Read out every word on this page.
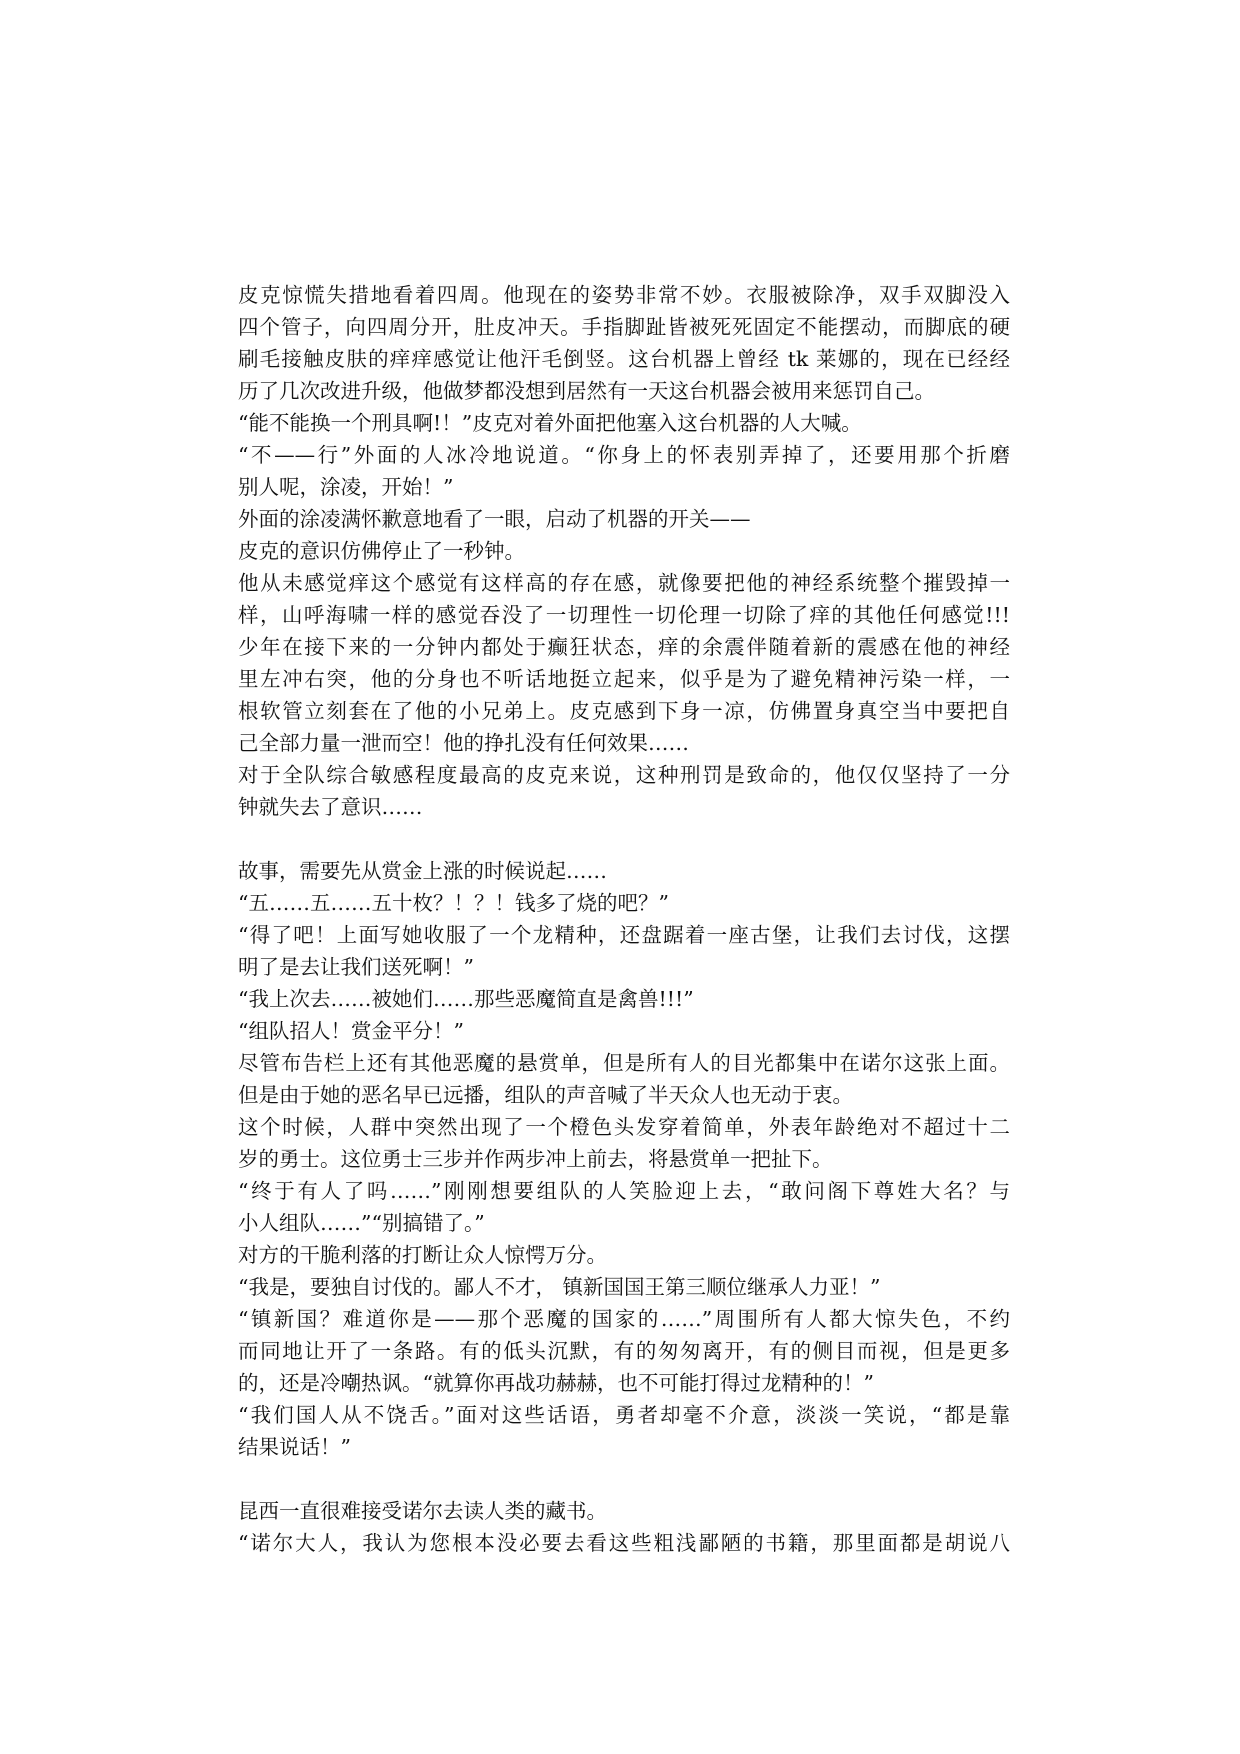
皮克惊慌失措地看着四周。他现在的姿势非常不妙。衣服被除净，双手双脚没入
四个管子，向四周分开，肚皮冲天。手指脚趾皆被死死固定不能摆动，而脚底的硬
刷毛接触皮肤的痒痒感觉让他汗毛倒竖。这台机器上曾经 tk 莱娜的，现在已经经
历了几次改进升级，他做梦都没想到居然有一天这台机器会被用来惩罚自己。
“能不能换一个刑具啊!！”皮克对着外面把他塞入这台机器的人大喊。
“不——行”外面的人冰冷地说道。“你身上的怀表别弄掉了，还要用那个折磨
别人呢，涂凌，开始！”
外面的涂凌满怀歉意地看了一眼，启动了机器的开关——
皮克的意识仿佛停止了一秒钟。
他从未感觉痒这个感觉有这样高的存在感，就像要把他的神经系统整个摧毁掉一
样，山呼海啸一样的感觉吞没了一切理性一切伦理一切除了痒的其他任何感觉!!!
少年在接下来的一分钟内都处于癫狂状态，痒的余震伴随着新的震感在他的神经
里左冲右突，他的分身也不听话地挺立起来，似乎是为了避免精神污染一样，一
根软管立刻套在了他的小兄弟上。皮克感到下身一凉，仿佛置身真空当中要把自
己全部力量一泄而空！他的挣扎没有任何效果……
对于全队综合敏感程度最高的皮克来说，这种刑罚是致命的，他仅仅坚持了一分
钟就失去了意识……
故事，需要先从赏金上涨的时候说起……
“五……五……五十枚？！？！钱多了烧的吧？”
“得了吧！上面写她收服了一个龙精种，还盘踞着一座古堡，让我们去讨伐，这摆
明了是去让我们送死啊！”
“我上次去……被她们……那些恶魔简直是禽兽!!!”
“组队招人！赏金平分！”
尽管布告栏上还有其他恶魔的悬赏单，但是所有人的目光都集中在诺尔这张上面。
但是由于她的恶名早已远播，组队的声音喊了半天众人也无动于衷。
这个时候，人群中突然出现了一个橙色头发穿着简单，外表年龄绝对不超过十二
岁的勇士。这位勇士三步并作两步冲上前去，将悬赏单一把扯下。
“终于有人了吗……”刚刚想要组队的人笑脸迎上去，“敢问阁下尊姓大名？与
小人组队……”“别搞错了。”
对方的干脆利落的打断让众人惊愕万分。
“我是，要独自讨伐的。鄙人不才， 镇新国国王第三顺位继承人力亚！”
“镇新国？难道你是——那个恶魔的国家的……”周围所有人都大惊失色，不约
而同地让开了一条路。有的低头沉默，有的匆匆离开，有的侧目而视，但是更多
的，还是冷嘲热讽。“就算你再战功赫赫，也不可能打得过龙精种的！”
“我们国人从不饶舌。”面对这些话语，勇者却毫不介意，淡淡一笑说，“都是靠
结果说话！”
昆西一直很难接受诺尔去读人类的藏书。
“诺尔大人，我认为您根本没必要去看这些粗浅鄙陋的书籍，那里面都是胡说八
